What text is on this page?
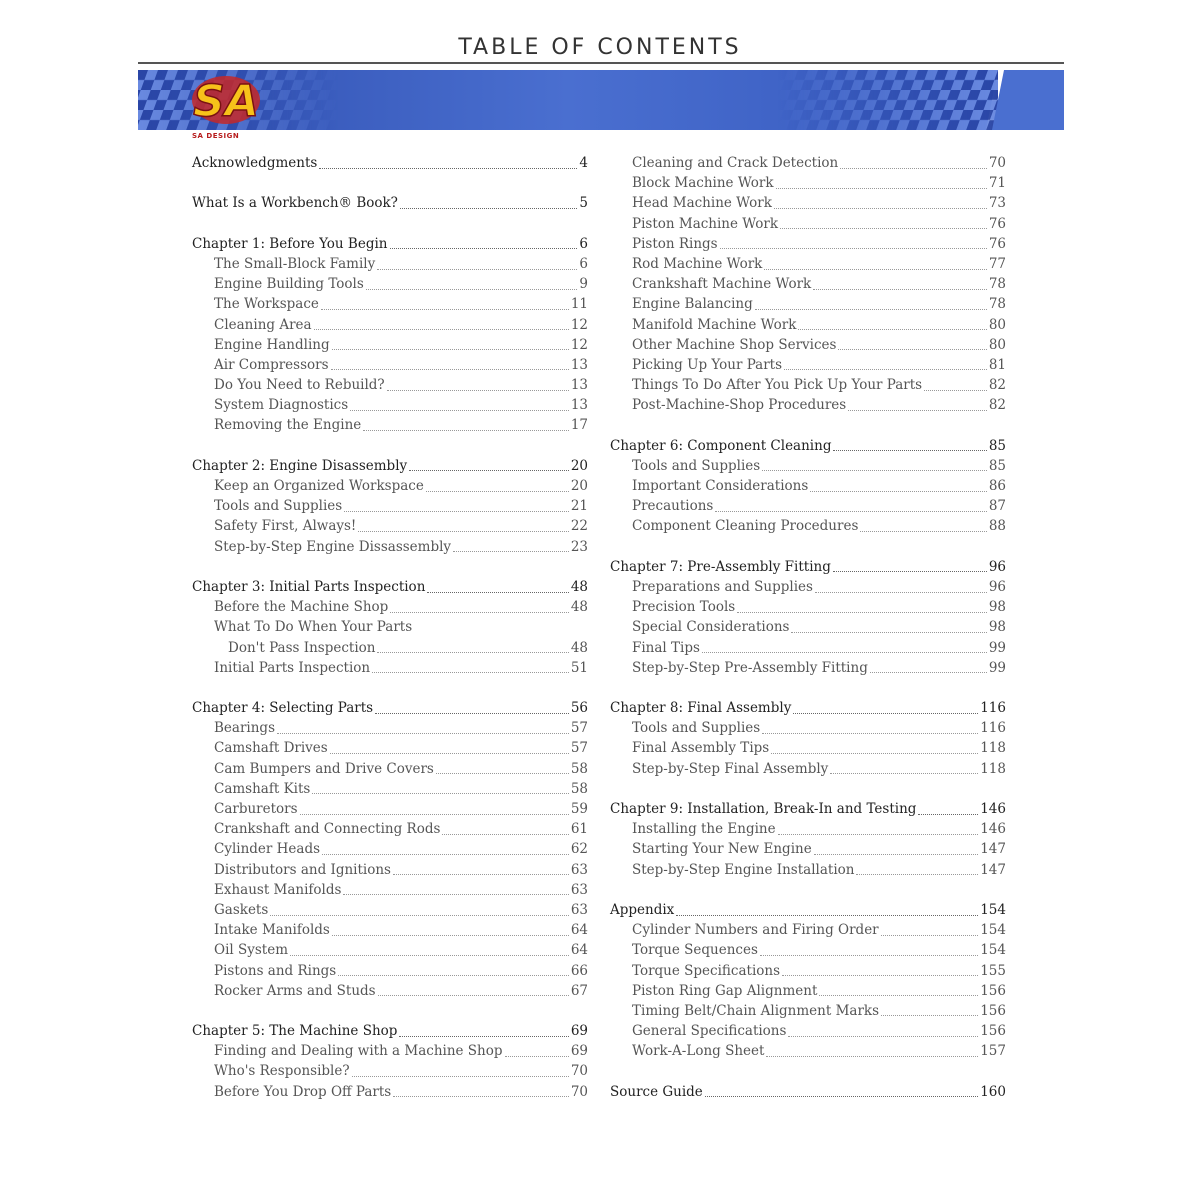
TABLE OF CONTENTS
SA
SA DESIGN
Acknowledgments	4
What Is a Workbench® Book?	5
Chapter 1: Before You Begin	6
The Small-Block Family	6
Engine Building Tools	9
The Workspace	11
Cleaning Area	12
Engine Handling	12
Air Compressors	13
Do You Need to Rebuild?	13
System Diagnostics	13
Removing the Engine	17
Chapter 2: Engine Disassembly	20
Keep an Organized Workspace	20
Tools and Supplies	21
Safety First, Always!	22
Step-by-Step Engine Dissassembly	23
Chapter 3: Initial Parts Inspection	48
Before the Machine Shop	48
What To Do When Your Parts
Don't Pass Inspection	48
Initial Parts Inspection	51
Chapter 4: Selecting Parts	56
Bearings	57
Camshaft Drives	57
Cam Bumpers and Drive Covers	58
Camshaft Kits	58
Carburetors	59
Crankshaft and Connecting Rods	61
Cylinder Heads	62
Distributors and Ignitions	63
Exhaust Manifolds	63
Gaskets	63
Intake Manifolds	64
Oil System	64
Pistons and Rings	66
Rocker Arms and Studs	67
Chapter 5: The Machine Shop	69
Finding and Dealing with a Machine Shop	69
Who's Responsible?	70
Before You Drop Off Parts	70
Cleaning and Crack Detection	70
Block Machine Work	71
Head Machine Work	73
Piston Machine Work	76
Piston Rings	76
Rod Machine Work	77
Crankshaft Machine Work	78
Engine Balancing	78
Manifold Machine Work	80
Other Machine Shop Services	80
Picking Up Your Parts	81
Things To Do After You Pick Up Your Parts	82
Post-Machine-Shop Procedures	82
Chapter 6: Component Cleaning	85
Tools and Supplies	85
Important Considerations	86
Precautions	87
Component Cleaning Procedures	88
Chapter 7: Pre-Assembly Fitting	96
Preparations and Supplies	96
Precision Tools	98
Special Considerations	98
Final Tips	99
Step-by-Step Pre-Assembly Fitting	99
Chapter 8: Final Assembly	116
Tools and Supplies	116
Final Assembly Tips	118
Step-by-Step Final Assembly	118
Chapter 9: Installation, Break-In and Testing	146
Installing the Engine	146
Starting Your New Engine	147
Step-by-Step Engine Installation	147
Appendix	154
Cylinder Numbers and Firing Order	154
Torque Sequences	154
Torque Specifications	155
Piston Ring Gap Alignment	156
Timing Belt/Chain Alignment Marks	156
General Specifications	156
Work-A-Long Sheet	157
Source Guide	160
